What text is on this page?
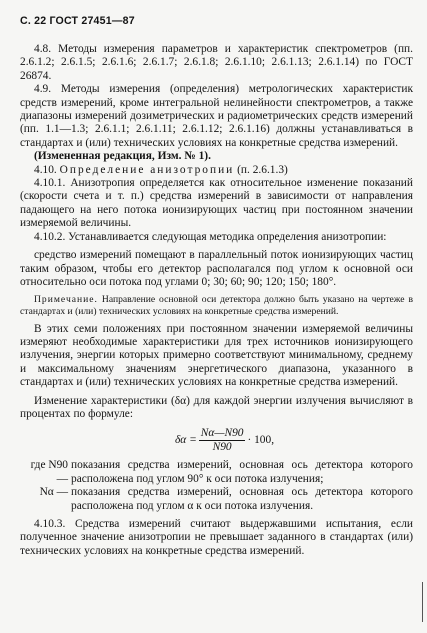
С. 22 ГОСТ 27451—87

4.8. Методы измерения параметров и характеристик спектрометров (пп. 2.6.1.2; 2.6.1.5; 2.6.1.6; 2.6.1.7; 2.6.1.8; 2.6.1.10; 2.6.1.13; 2.6.1.14) по ГОСТ 26874.

4.9. Методы измерения (определения) метрологических характеристик средств измерений, кроме интегральной нелинейности спектрометров, а также диапазоны измерений дозиметрических и радиометрических средств измерений (пп. 1.1—1.3; 2.6.1.1; 2.6.1.11; 2.6.1.12; 2.6.1.16) должны устанавливаться в стандартах и (или) технических условиях на конкретные средства измерений.

(Измененная редакция, Изм. № 1).

4.10. Определение анизотропии (п. 2.6.1.3)

4.10.1. Анизотропия определяется как относительное изменение показаний (скорости счета и т. п.) средства измерений в зависимости от направления падающего на него потока ионизирующих частиц при постоянном значении измеряемой величины.

4.10.2. Устанавливается следующая методика определения анизотропии:

средство измерений помещают в параллельный поток ионизирующих частиц таким образом, чтобы его детектор располагался под углом к основной оси относительно оси потока под углами 0; 30; 60; 90; 120; 150; 180°.

Примечание. Направление основной оси детектора должно быть указано на чертеже в стандартах и (или) технических условиях на конкретные средства измерений.

В этих семи положениях при постоянном значении измеряемой величины измеряют необходимые характеристики для трех источников ионизирующего излучения, энергии которых примерно соответствуют минимальному, среднему и максимальному значениям энергетического диапазона, указанного в стандартах и (или) технических условиях на конкретные средства измерений.

Изменение характеристики (δα) для каждой энергии излучения вычисляют в процентах по формуле:

$\delta\alpha = \frac{N\alpha—N90}{N90} \cdot 100$,
где N90 —
показания средства измерений, основная ось детектора которого расположена под углом 90° к оси потока излучения;
Nα — показания средства измерений, основная ось детектора которого расположена под углом α к оси потока излучения.

4.10.3. Средства измерений считают выдержавшими испытания, если полученное значение анизотропии не превышает заданного в стандартах (или) технических условиях на конкретные средства измерений.
